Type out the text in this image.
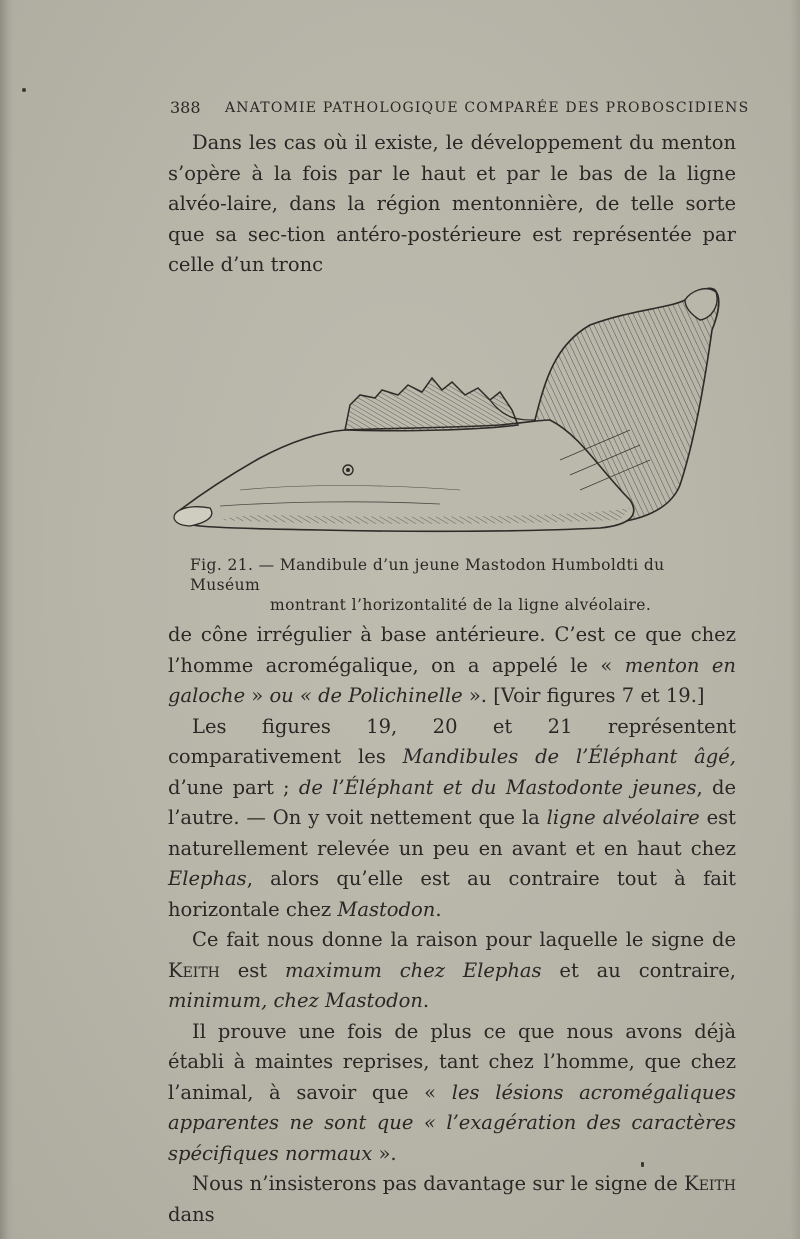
388 ANATOMIE PATHOLOGIQUE COMPARÉE DES PROBOSCIDIENS

Dans les cas où il existe, le développement du menton s’opère à la fois par le haut et par le bas de la ligne alvéo-laire, dans la région mentonnière, de telle sorte que sa sec-tion antéro-postérieure est représentée par celle d’un tronc

Fig. 21. — Mandibule d’un jeune Mastodon Humboldti du Muséum
montrant l’horizontalité de la ligne alvéolaire.

de cône irrégulier à base antérieure. C’est ce que chez l’homme acromégalique, on a appelé le « menton en galoche » ou « de Polichinelle ». [Voir figures 7 et 19.]

Les figures 19, 20 et 21 représentent comparativement les Mandibules de l’Éléphant âgé, d’une part ; de l’Éléphant et du Mastodonte jeunes, de l’autre. — On y voit nettement que la ligne alvéolaire est naturellement relevée un peu en avant et en haut chez Elephas, alors qu’elle est au contraire tout à fait horizontale chez Mastodon.

Ce fait nous donne la raison pour laquelle le signe de Keith est maximum chez Elephas et au contraire, minimum, chez Mastodon.

Il prouve une fois de plus ce que nous avons déjà établi à maintes reprises, tant chez l’homme, que chez l’animal, à savoir que « les lésions acromégaliques apparentes ne sont que « l’exagération des caractères spécifiques normaux ».

Nous n’insisterons pas davantage sur le signe de Keith dans
